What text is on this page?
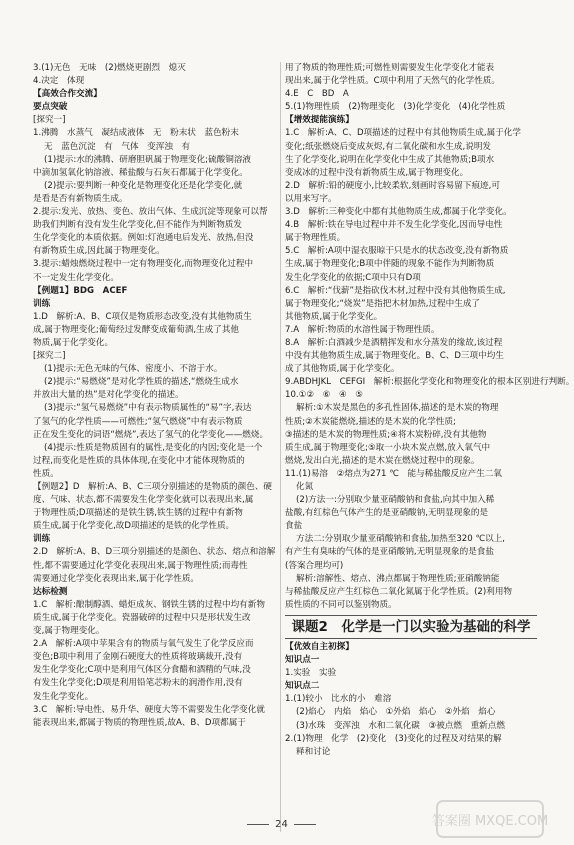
3.(1)无色　无味　(2)燃烧更剧烈　熄灭
4.决定　体现
【 高效合作交流 】
要点突破
[探究一]
1.沸腾　水蒸气　凝结成液体　无　粉末状　蓝色粉末
无　蓝色沉淀　有　气体　变浑浊　有
(1)提示:水的沸腾、研磨胆矾属于物理变化;硫酸铜溶液
中滴加氢氧化钠溶液、稀盐酸与石灰石都属于化学变化。
(2)提示:要判断一种变化是物理变化还是化学变化,就
是看是否有新物质生成。
2.提示:发光、放热、变色、放出气体、生成沉淀等现象可以帮
助我们判断有没有发生化学变化,但不能作为判断物质发
生化学变化的本质依据。例如:灯泡通电后发光、放热,但没
有新物质生成,因此属于物理变化。
3.提示:蜡烛燃烧过程中一定有物理变化,而物理变化过程中
不一定发生化学变化。
【例题1】BDG　ACEF
训练
1.D　解析:A、B、C项仅是物质形态改变,没有其他物质生
成,属于物理变化;葡萄经过发酵变成葡萄酒,生成了其他
物质,属于化学变化。
[探究二]
(1)提示:无色无味的气体、密度小、不溶于水。
(2)提示:“易燃烧”是对化学性质的描述,“燃烧生成水
并放出大量的热”是对化学变化的描述。
(3)提示:“氢气易燃烧”中有表示物质属性的“易”字,表达
了氢气的化学性质——可燃性;“氢气燃烧”中有表示物质
正在发生变化的词语“燃烧”,表达了氢气的化学变化——燃烧。
(4)提示:性质是物质固有的属性,是变化的内因;变化是一个
过程,而变化是性质的具体体现,在变化中才能体现物质的
性质。
【例题2】D　解析:A、B、C三项分别描述的是物质的颜色、硬
度、气味、状态,都不需要发生化学变化就可以表现出来,属
于物理性质;D项描述的是铁生锈,铁生锈的过程中有新物
质生成,属于化学变化,故D项描述的是铁的化学性质。
训练
2.D　解析:A、B、D三项分别描述的是颜色、状态、熔点和溶解
性,都不需要通过化学变化表现出来,属于物理性质;而毒性
需要通过化学变化表现出来,属于化学性质。
达标检测
1.C　解析:酿制醇酒、蜡炬成灰、钢铁生锈的过程中均有新物
质生成,属于化学变化。瓷器破碎的过程中只是形状发生改
变,属于物理变化。
2.A　解析:A项中苹果含有的物质与氧气发生了化学反应而
变色;B项中利用了金刚石硬度大的性质将玻璃裁开,没有
发生化学变化;C项中是利用气体区分食醋和酒精的气味,没
有发生化学变化;D项是利用铅笔芯粉末的润滑作用,没有
发生化学变化。
3.C　解析:导电性、易升华、硬度大等不需要发生化学变化就
能表现出来,都属于物质的物理性质,故A、B、D项都属于
用了物质的物理性质;可燃性则需要发生化学变化才能表
现出来,属于化学性质。C项中利用了天然气的化学性质。
4.E　C　BD　A
5.(1)物理性质　(2)物理变化　(3)化学变化　(4)化学性质
【 增效提能演练 】
1.C　解析:A、C、D项描述的过程中有其他物质生成,属于化学
变化;纸张燃烧后变成灰烬,有二氧化碳和水生成,说明发
生了化学变化,说明在化学变化中生成了其他物质;B项水
变成冰的过程中没有新物质生成,属于物理变化。
2.D　解析:铅的硬度小,比较柔软,刻画时容易留下痕迹,可
以用来写字。
3.D　解析:三种变化中都有其他物质生成,都属于化学变化。
4.B　解析:铁在导电过程中并不发生化学变化,因而导电性
属于物理性质。
5.C　解析:A项中湿衣服晾干只是水的状态改变,没有新物质
生成,属于物理变化;B项中伴随的现象不能作为判断物质
发生化学变化的依据;C项中只有D项
6.C　解析:“伐薪”是指砍伐木材,过程中没有其他物质生成,
属于物理变化;“烧炭”是指把木材加热,过程中生成了
其他物质,属于化学变化。
7.A　解析:物质的水溶性属于物理性质。
8.A　解析:白酒减少是酒精挥发和水分蒸发的缘故,该过程
中没有其他物质生成,属于物理变化。B、C、D三项中均生
成了其他物质,属于化学变化。
9.ABDHJKL　CEFGI　解析:根据化学变化和物理变化的根本区别进行判断。
10.①②　⑥　④　⑤
解析:①木炭是黑色的多孔性固体,描述的是木炭的物理
性质;②木炭能燃烧,描述的是木炭的化学性质;
③描述的是木炭的物理性质;④将木炭粉碎,没有其他物
质生成,属于物理变化;⑤取一小块木炭点燃,放入氧气中
燃烧,发出白光,描述的是木炭在燃烧过程中的现象。
11.(1)易溶　②熔点为271 ℃　能与稀盐酸反应产生二氧
化氮
(2)方法一:分别取少量亚硝酸钠和食盐,向其中加入稀
盐酸,有红棕色气体产生的是亚硝酸钠,无明显现象的是
食盐
方法二:分别取少量亚硝酸钠和食盐,加热至320 ℃以上,
有产生有臭味的气体的是亚硝酸钠,无明显现象的是食盐
(答案合理均可)
解析:溶解性、熔点、沸点都属于物理性质;亚硝酸钠能
与稀盐酸反应产生红棕色二氧化氮属于化学性质。(2)利用物
质性质的不同可以鉴别物质。
课题2　化学是一门以实验为基础的科学
【 优效自主初探 】
知识点一
1.实验　实验
知识点二
1.(1)较小　比水的小　难溶
(2)焰心　内焰　焰心　①外焰　焰心　②外焰　焰心
(3)水珠　变浑浊　水和二氧化碳　③被点燃　重新点燃
2.(1)物理　化学　(2)变化　(3)变化的过程及对结果的解
释和讨论
24	答案圈 MXQE.COM
